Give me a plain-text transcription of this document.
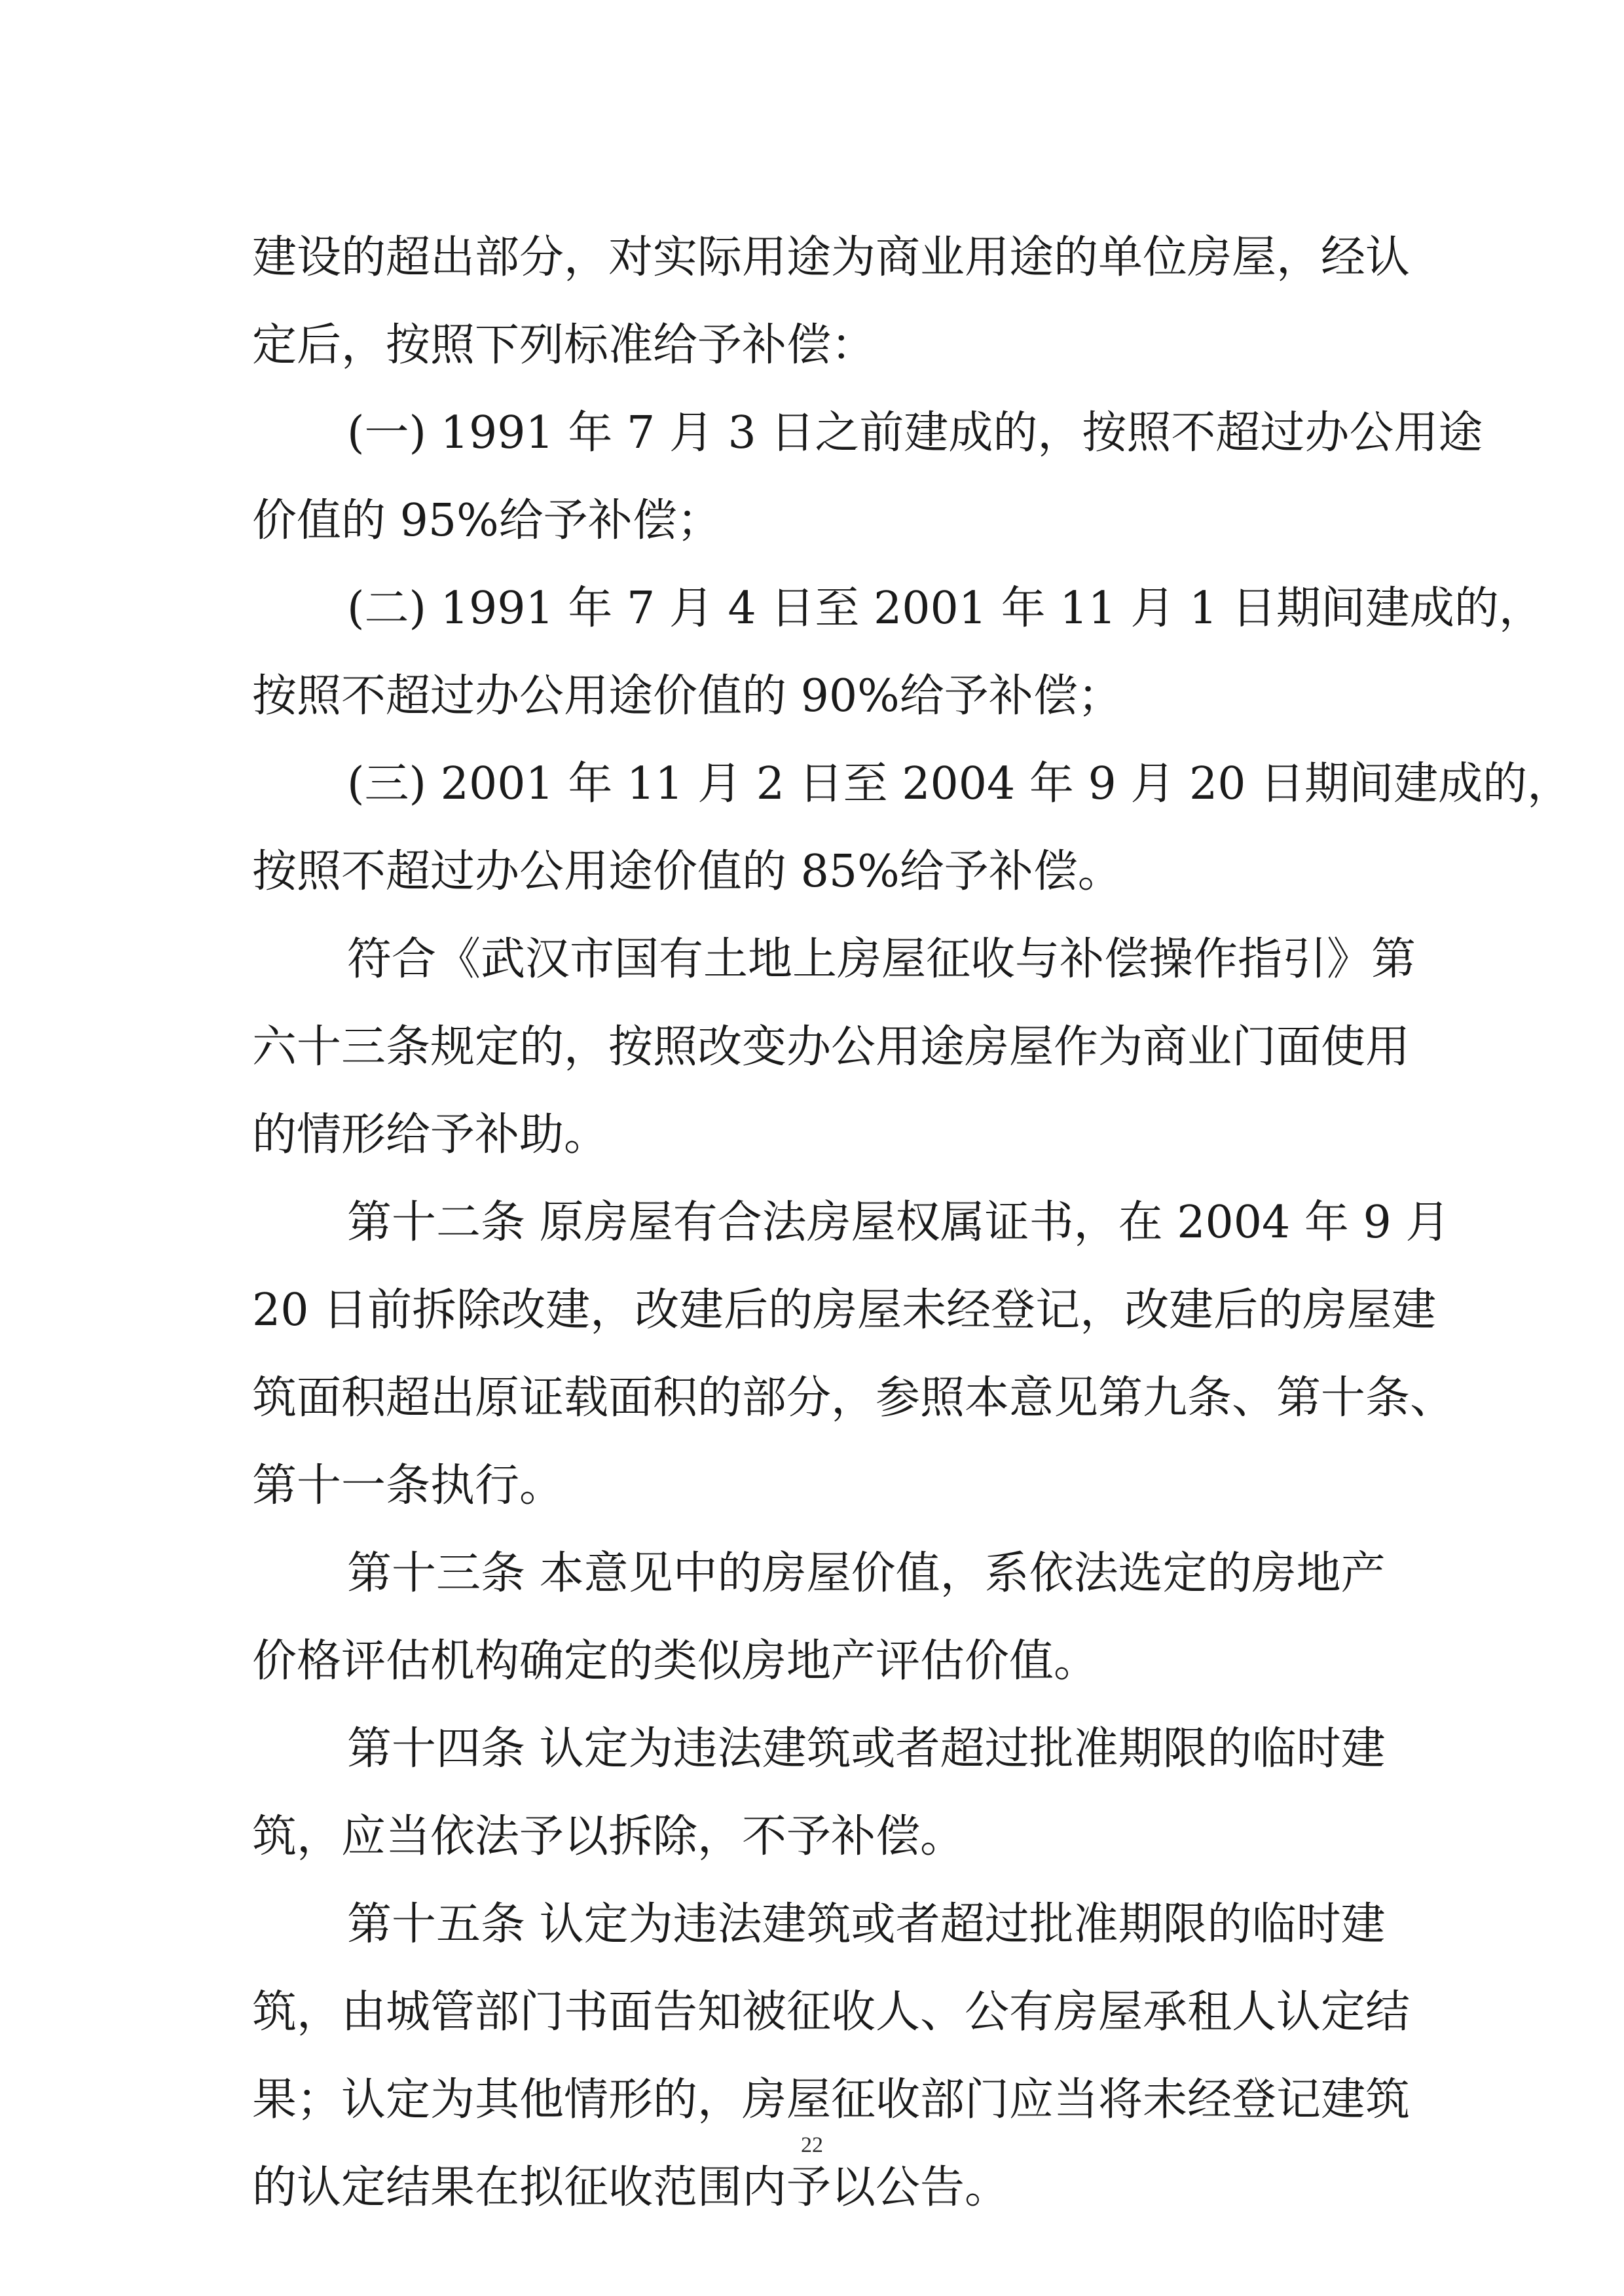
建设的超出部分，对实际用途为商业用途的单位房屋，经认

定后，按照下列标准给予补偿：

(一) 1991 年 7 月 3 日之前建成的，按照不超过办公用途

价值的 95%给予补偿；

(二) 1991 年 7 月 4 日至 2001 年 11 月 1 日期间建成的，

按照不超过办公用途价值的 90%给予补偿；

(三) 2001 年 11 月 2 日至 2004 年 9 月 20 日期间建成的，

按照不超过办公用途价值的 85%给予补偿。

符合《武汉市国有土地上房屋征收与补偿操作指引》第

六十三条规定的，按照改变办公用途房屋作为商业门面使用

的情形给予补助。

第十二条 原房屋有合法房屋权属证书，在 2004 年 9 月

20 日前拆除改建，改建后的房屋未经登记，改建后的房屋建

筑面积超出原证载面积的部分，参照本意见第九条、第十条、

第十一条执行。

第十三条 本意见中的房屋价值，系依法选定的房地产

价格评估机构确定的类似房地产评估价值。

第十四条 认定为违法建筑或者超过批准期限的临时建

筑，应当依法予以拆除，不予补偿。

第十五条 认定为违法建筑或者超过批准期限的临时建

筑，由城管部门书面告知被征收人、公有房屋承租人认定结

果；认定为其他情形的，房屋征收部门应当将未经登记建筑

的认定结果在拟征收范围内予以公告。

22
